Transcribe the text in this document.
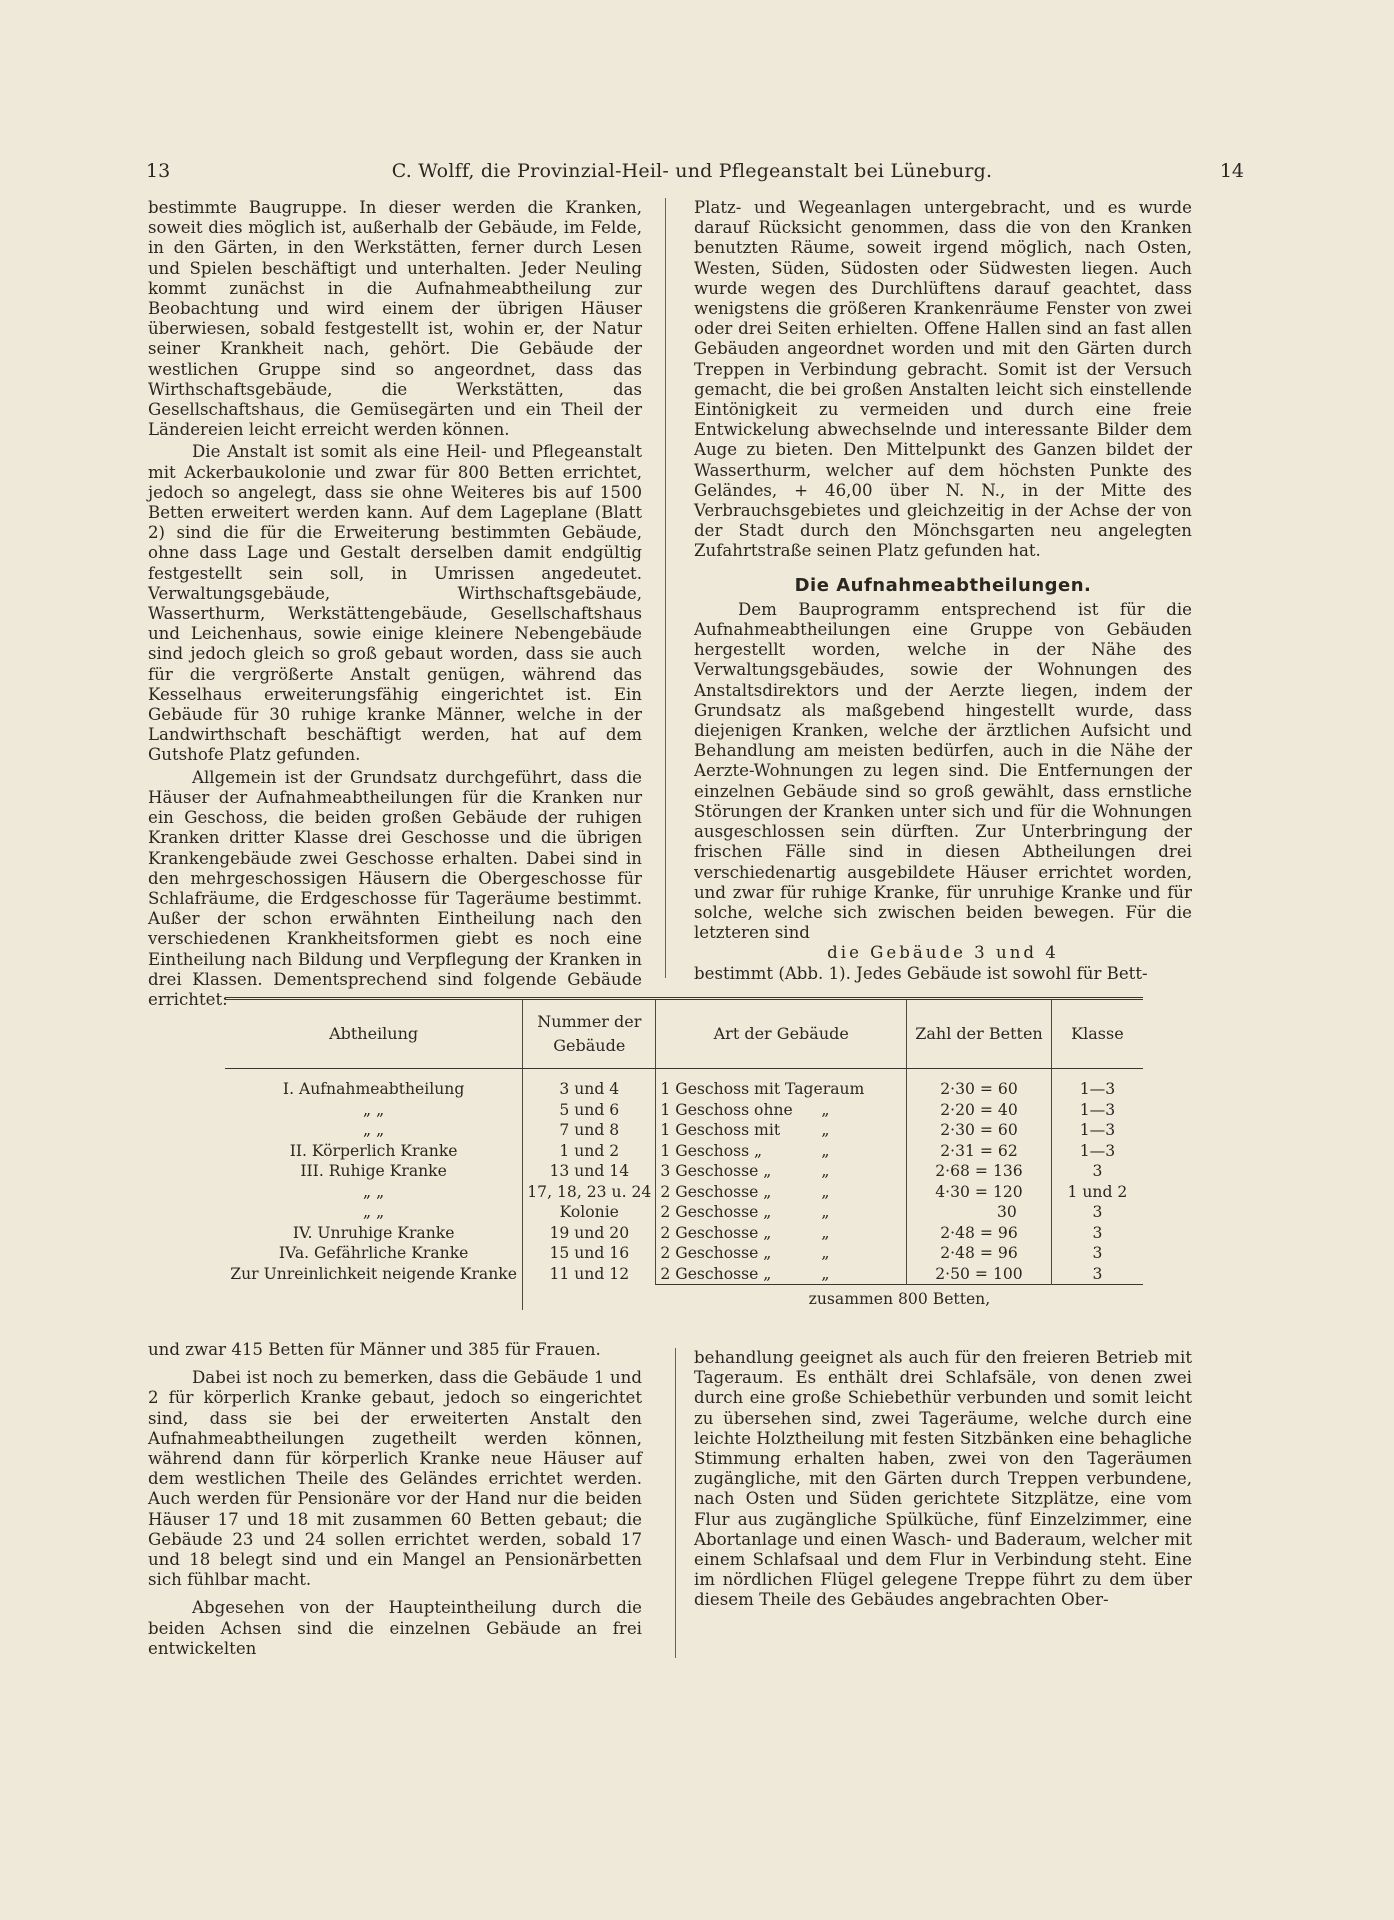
13	C. Wolff, die Provinzial-Heil- und Pflegeanstalt bei Lüneburg.	14

bestimmte Baugruppe. In dieser werden die Kranken, soweit dies möglich ist, außerhalb der Gebäude, im Felde, in den Gärten, in den Werkstätten, ferner durch Lesen und Spielen beschäftigt und unterhalten. Jeder Neuling kommt zunächst in die Aufnahmeabtheilung zur Beobachtung und wird einem der übrigen Häuser überwiesen, sobald festgestellt ist, wohin er, der Natur seiner Krankheit nach, gehört. Die Gebäude der westlichen Gruppe sind so angeordnet, dass das Wirthschaftsgebäude, die Werkstätten, das Gesellschaftshaus, die Gemüsegärten und ein Theil der Ländereien leicht erreicht werden können.

Die Anstalt ist somit als eine Heil- und Pflegeanstalt mit Ackerbaukolonie und zwar für 800 Betten errichtet, jedoch so angelegt, dass sie ohne Weiteres bis auf 1500 Betten erweitert werden kann. Auf dem Lageplane (Blatt 2) sind die für die Erweiterung bestimmten Gebäude, ohne dass Lage und Gestalt derselben damit endgültig festgestellt sein soll, in Umrissen angedeutet. Verwaltungsgebäude, Wirthschaftsgebäude, Wasserthurm, Werkstättengebäude, Gesellschaftshaus und Leichenhaus, sowie einige kleinere Nebengebäude sind jedoch gleich so groß gebaut worden, dass sie auch für die vergrößerte Anstalt genügen, während das Kesselhaus erweiterungsfähig eingerichtet ist. Ein Gebäude für 30 ruhige kranke Männer, welche in der Landwirthschaft beschäftigt werden, hat auf dem Gutshofe Platz gefunden.

Allgemein ist der Grundsatz durchgeführt, dass die Häuser der Aufnahmeabtheilungen für die Kranken nur ein Geschoss, die beiden großen Gebäude der ruhigen Kranken dritter Klasse drei Geschosse und die übrigen Krankengebäude zwei Geschosse erhalten. Dabei sind in den mehrgeschossigen Häusern die Obergeschosse für Schlafräume, die Erdgeschosse für Tageräume bestimmt. Außer der schon erwähnten Eintheilung nach den verschiedenen Krankheitsformen giebt es noch eine Eintheilung nach Bildung und Verpflegung der Kranken in drei Klassen. Dementsprechend sind folgende Gebäude errichtet:

Platz- und Wegeanlagen untergebracht, und es wurde darauf Rücksicht genommen, dass die von den Kranken benutzten Räume, soweit irgend möglich, nach Osten, Westen, Süden, Südosten oder Südwesten liegen. Auch wurde wegen des Durchlüftens darauf geachtet, dass wenigstens die größeren Krankenräume Fenster von zwei oder drei Seiten erhielten. Offene Hallen sind an fast allen Gebäuden angeordnet worden und mit den Gärten durch Treppen in Verbindung gebracht. Somit ist der Versuch gemacht, die bei großen Anstalten leicht sich einstellende Eintönigkeit zu vermeiden und durch eine freie Entwickelung abwechselnde und interessante Bilder dem Auge zu bieten. Den Mittelpunkt des Ganzen bildet der Wasserthurm, welcher auf dem höchsten Punkte des Geländes, + 46,00 über N. N., in der Mitte des Verbrauchsgebietes und gleichzeitig in der Achse der von der Stadt durch den Mönchsgarten neu angelegten Zufahrtstraße seinen Platz gefunden hat.

Die Aufnahmeabtheilungen.

Dem Bauprogramm entsprechend ist für die Aufnahmeabtheilungen eine Gruppe von Gebäuden hergestellt worden, welche in der Nähe des Verwaltungsgebäudes, sowie der Wohnungen des Anstaltsdirektors und der Aerzte liegen, indem der Grundsatz als maßgebend hingestellt wurde, dass diejenigen Kranken, welche der ärztlichen Aufsicht und Behandlung am meisten bedürfen, auch in die Nähe der Aerzte-Wohnungen zu legen sind. Die Entfernungen der einzelnen Gebäude sind so groß gewählt, dass ernstliche Störungen der Kranken unter sich und für die Wohnungen ausgeschlossen sein dürften. Zur Unterbringung der frischen Fälle sind in diesen Abtheilungen drei verschiedenartig ausgebildete Häuser errichtet worden, und zwar für ruhige Kranke, für unruhige Kranke und für solche, welche sich zwischen beiden bewegen. Für die letzteren sind

die Gebäude 3 und 4

bestimmt (Abb. 1). Jedes Gebäude ist sowohl für Bett-

Abtheilung	Nummer der Gebäude	Art der Gebäude	Zahl der Betten	Klasse
I. Aufnahmeabtheilung	3 und 4	1 Geschoss mit Tageraum	2·30 = 60	1—3
„ „	5 und 6	1 Geschoss ohne „	2·20 = 40	1—3
„ „	7 und 8	1 Geschoss mit „	2·30 = 60	1—3
II. Körperlich Kranke	1 und 2	1 Geschoss „ „	2·31 = 62	1—3
III. Ruhige Kranke	13 und 14	3 Geschosse „ „	2·68 = 136	3
„ „	17, 18, 23 u. 24	2 Geschosse „ „	4·30 = 120	1 und 2
„ „	Kolonie	2 Geschosse „ „	30	3
IV. Unruhige Kranke	19 und 20	2 Geschosse „ „	2·48 = 96	3
IVa. Gefährliche Kranke	15 und 16	2 Geschosse „ „	2·48 = 96	3
Zur Unreinlichkeit neigende Kranke	11 und 12	2 Geschosse „ „	2·50 = 100	3
		zusammen 800 Betten,		

und zwar 415 Betten für Männer und 385 für Frauen.

Dabei ist noch zu bemerken, dass die Gebäude 1 und 2 für körperlich Kranke gebaut, jedoch so eingerichtet sind, dass sie bei der erweiterten Anstalt den Aufnahmeabtheilungen zugetheilt werden können, während dann für körperlich Kranke neue Häuser auf dem westlichen Theile des Geländes errichtet werden. Auch werden für Pensionäre vor der Hand nur die beiden Häuser 17 und 18 mit zusammen 60 Betten gebaut; die Gebäude 23 und 24 sollen errichtet werden, sobald 17 und 18 belegt sind und ein Mangel an Pensionärbetten sich fühlbar macht.

Abgesehen von der Haupteintheilung durch die beiden Achsen sind die einzelnen Gebäude an frei entwickelten

behandlung geeignet als auch für den freieren Betrieb mit Tageraum. Es enthält drei Schlafsäle, von denen zwei durch eine große Schiebethür verbunden und somit leicht zu übersehen sind, zwei Tageräume, welche durch eine leichte Holztheilung mit festen Sitzbänken eine behagliche Stimmung erhalten haben, zwei von den Tageräumen zugängliche, mit den Gärten durch Treppen verbundene, nach Osten und Süden gerichtete Sitzplätze, eine vom Flur aus zugängliche Spülküche, fünf Einzelzimmer, eine Abortanlage und einen Wasch- und Baderaum, welcher mit einem Schlafsaal und dem Flur in Verbindung steht. Eine im nördlichen Flügel gelegene Treppe führt zu dem über diesem Theile des Gebäudes angebrachten Ober-
